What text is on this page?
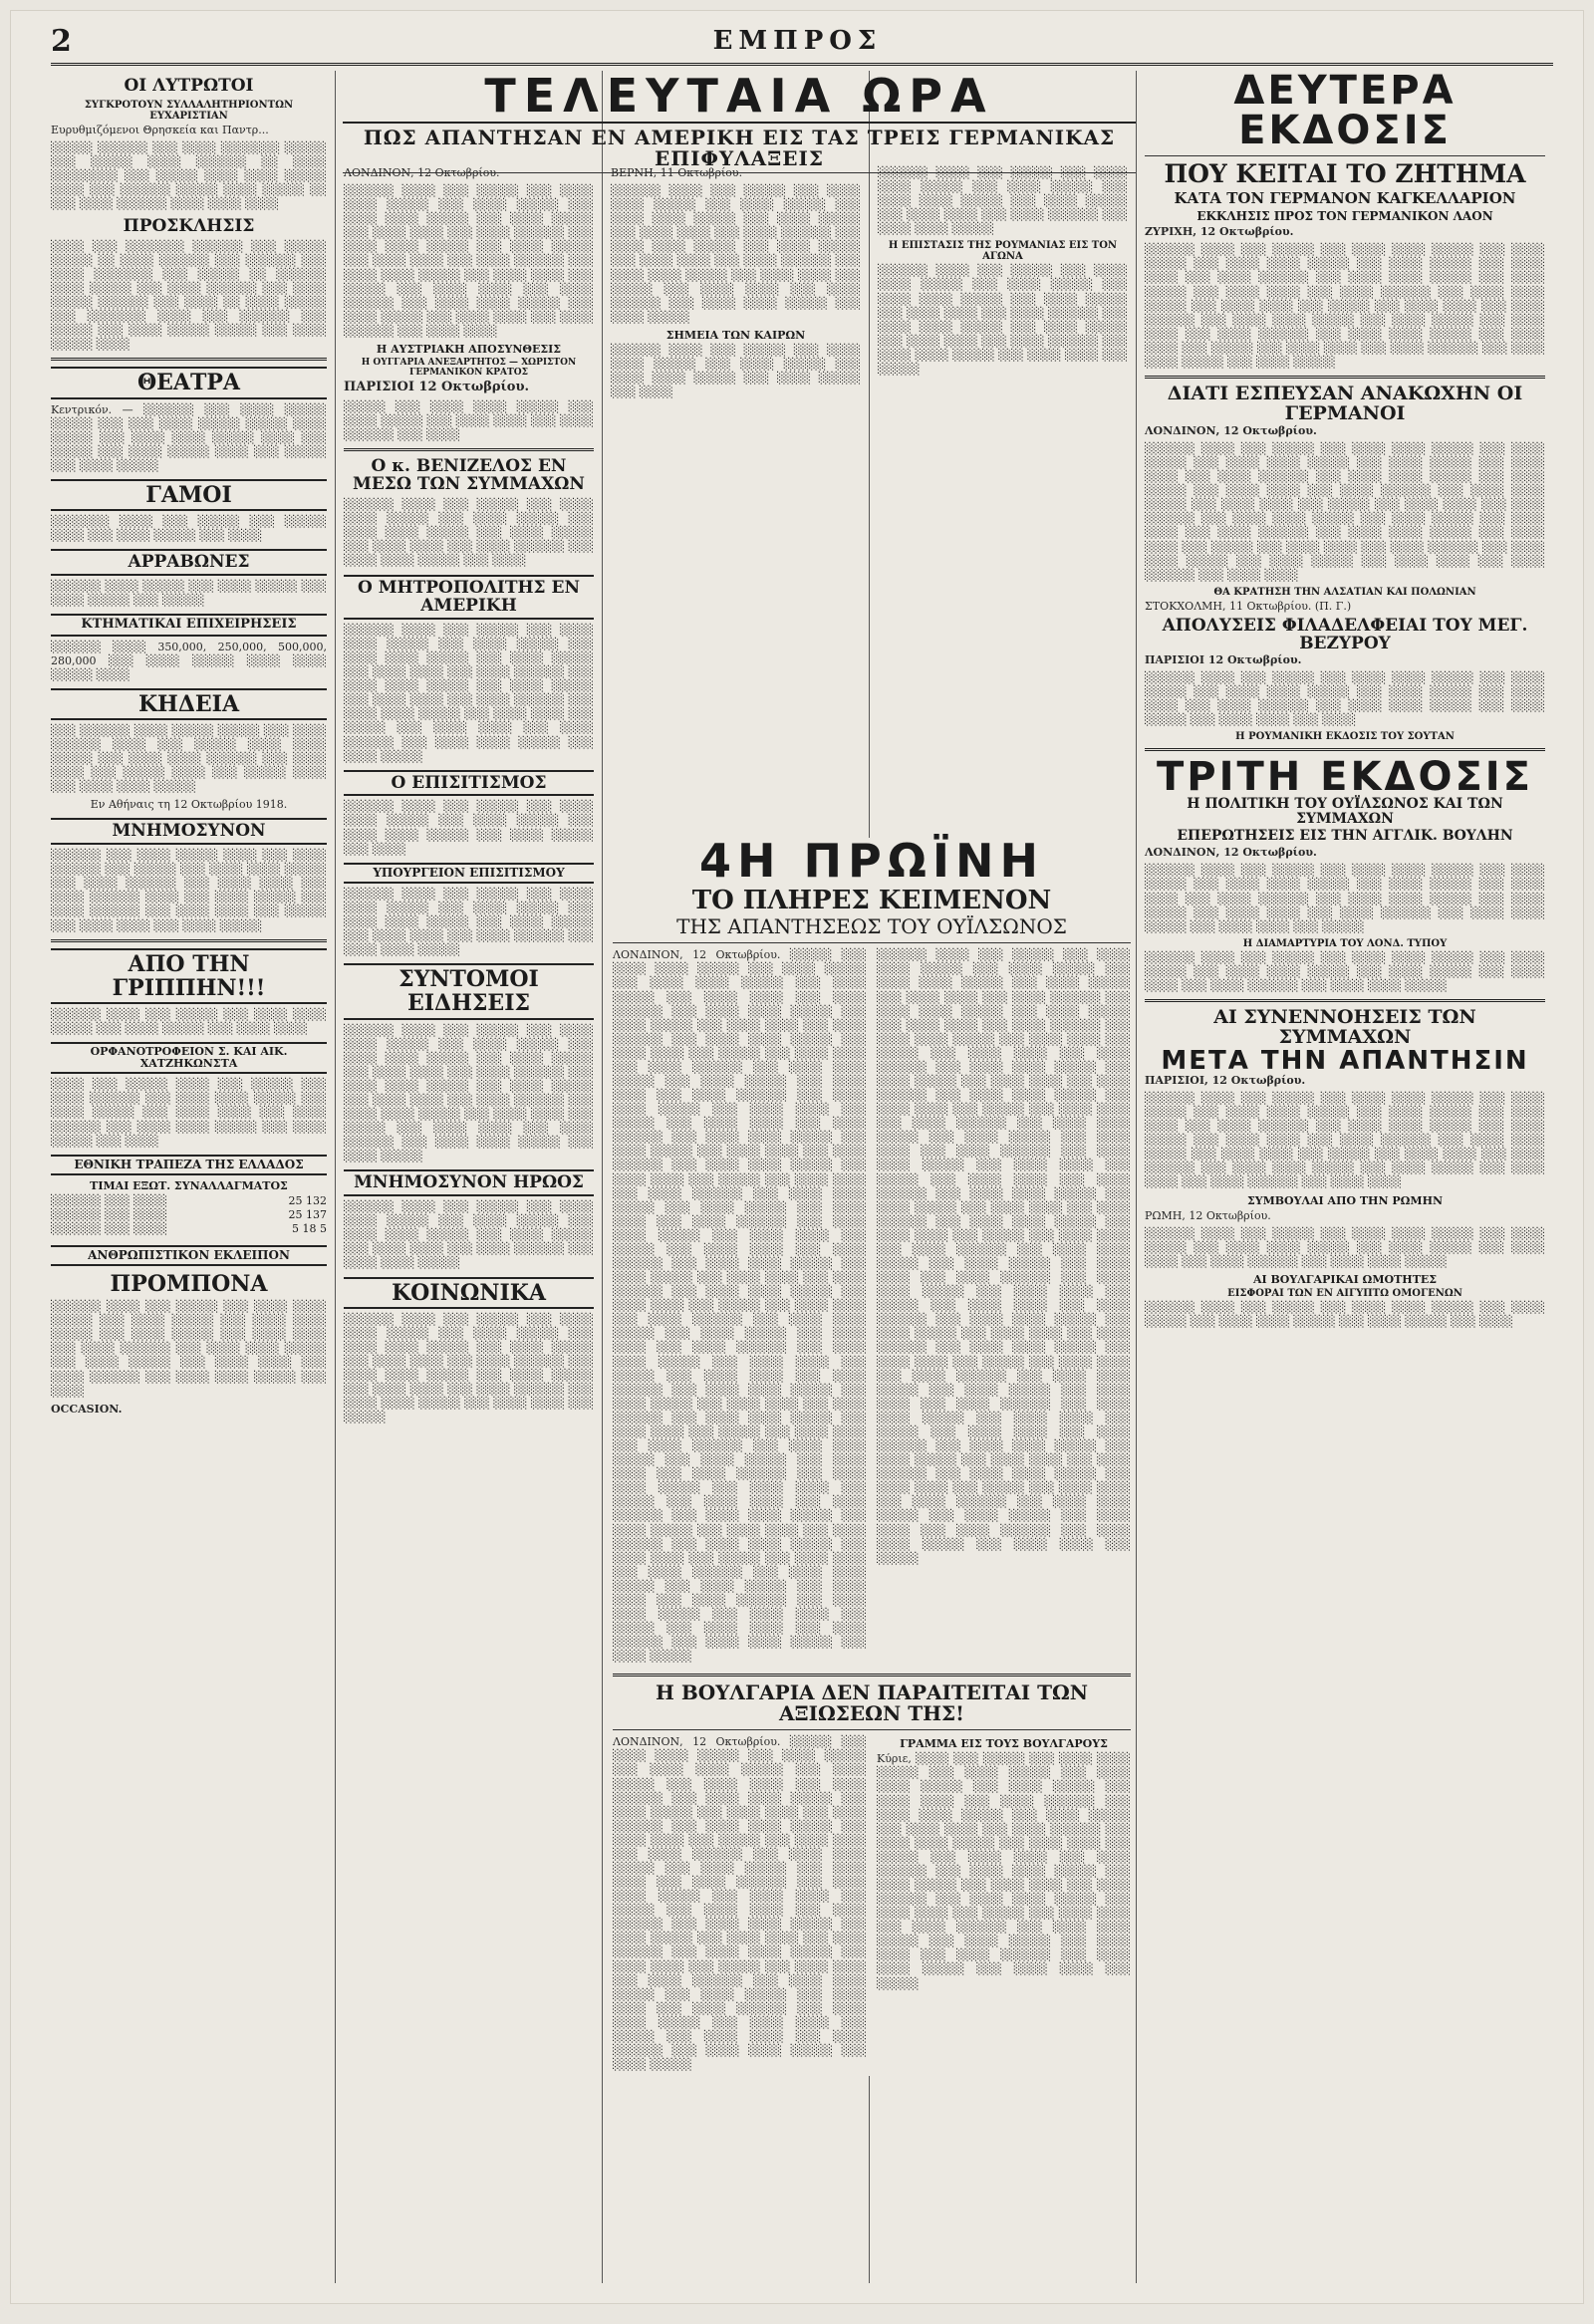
2	ΕΜΠΡΟΣ
ΟΙ ΛΥΤΡΩΤΟΙ
ΣΥΓΚΡΟΤΟΥΝ ΣΥΛΛΑΛΗΤΗΡΙΟΝΤΩΝ ΕΥΧΑΡΙΣΤΙΑΝ

Ευρυθμιζόμενοι Θρησκεία και Παντρ...

░░░░░ ░░░░░░ ░░░ ░░░░ ░░░░░░░ ░░░░░ ░░░ ░░░░░ ░░░░ ░░░░░░ ░░ ░░░░ ░░░░░░░░ ░░░ ░░░░░ ░░░░ ░░░░ ░░░░░ ░░░░ ░░░ ░░░░░░ ░░░░░ ░░░░ ░░░░░ ░░ ░░░ ░░░░ ░░░░░░ ░░░░ ░░░░ ░░░░

ΠΡΟΣΚΛΗΣΙΣ

░░░░ ░░░ ░░░░░░░ ░░░░░░ ░░░ ░░░░░ ░░░░░ ░░ ░░░░ ░░░░░░ ░░░ ░░░░░░ ░░░ ░░░░ ░░░░░░░ ░░░ ░░░░░ ░░ ░░░░░░ ░░░░ ░░░░░ ░░░ ░░░░ ░░░░░░ ░░░ ░░░░ ░░░░░ ░░░░░░ ░░░ ░░░░ ░░ ░░░░ ░░░░░ ░░░ ░░░░░░░ ░░░░ ░░░ ░░░░░░ ░░░ ░░░░░ ░░░ ░░░░ ░░░░░ ░░░░░ ░░░ ░░░░ ░░░░░ ░░░░

ΘΕΑΤΡΑ

Κεντρικόν. — ░░░░░░ ░░░ ░░░░ ░░░░░ ░░░░░ ░░░ ░░░ ░░░░ ░░░░░ ░░░░░ ░░░░ ░░░░░ ░░░ ░░░░ ░░░░ ░░░░░ ░░░░ ░░░ ░░░░░ ░░░ ░░░░ ░░░░░ ░░░░ ░░░ ░░░░░ ░░░ ░░░░ ░░░░░

ΓΑΜΟΙ

░░░░░░░ ░░░░ ░░░ ░░░░░ ░░░ ░░░░░ ░░░░ ░░░ ░░░░ ░░░░░ ░░░ ░░░░

ΑΡΡΑΒΩΝΕΣ

░░░░░░ ░░░░ ░░░░░ ░░░ ░░░░ ░░░░░ ░░░ ░░░░ ░░░░░ ░░░ ░░░░░

ΚΤΗΜΑΤΙΚΑΙ ΕΠΙΧΕΙΡΗΣΕΙΣ

░░░░░░ ░░░░ 350,000, 250,000, 500,000, 280,000 ░░░ ░░░░ ░░░░░ ░░░░ ░░░░ ░░░░░ ░░░░

ΚΗΔΕΙΑ

░░░ ░░░░░░ ░░░░ ░░░░░ ░░░░░ ░░░ ░░░░ ░░░░░░ ░░░░ ░░░ ░░░░░ ░░░░ ░░░░ ░░░░░ ░░░ ░░░░ ░░░░ ░░░░░░ ░░░ ░░░░ ░░░░ ░░░ ░░░░░ ░░░░ ░░░ ░░░░░ ░░░░ ░░░ ░░░░ ░░░░ ░░░░░

Εν Αθήναις τη 12 Οκτωβρίου 1918.

ΜΝΗΜΟΣΥΝΟΝ

░░░░░░ ░░░ ░░░░ ░░░░░ ░░░░ ░░░ ░░░░ ░░░░░░ ░░░ ░░░░░ ░░░ ░░░░ ░░░░ ░░░░░ ░░░ ░░░░ ░░░░░░ ░░░ ░░░░ ░░░░ ░░░ ░░░░ ░░░░░░ ░░░░ ░░░ ░░░░ ░░░░░ ░░░ ░░░░ ░░░░░░ ░░░ ░░░░ ░░░░ ░░░ ░░░░░ ░░░ ░░░░ ░░░░ ░░░ ░░░░ ░░░░░

ΑΠΟ ΤΗΝ ΓΡΙΠΠΗΝ!!!

░░░░░░ ░░░░ ░░░ ░░░░░ ░░░ ░░░░ ░░░░ ░░░░░ ░░░ ░░░░ ░░░░░ ░░░ ░░░░ ░░░░

ΟΡΦΑΝΟΤΡΟΦΕΙΟΝ Σ. ΚΑΙ ΑΙΚ. ΧΑΤΖΗΚΩΝΣΤΑ

░░░░ ░░░ ░░░░░ ░░░░ ░░░ ░░░░░ ░░░ ░░░░ ░░░░░░ ░░░ ░░░░ ░░░░ ░░░░░ ░░░ ░░░░ ░░░░░ ░░░ ░░░░ ░░░░ ░░░ ░░░░ ░░░░░░ ░░░ ░░░░ ░░░░ ░░░░░ ░░░ ░░░░ ░░░░░ ░░░ ░░░░

ΕΘΝΙΚΗ ΤΡΑΠΕΖΑ ΤΗΣ ΕΛΛΑΔΟΣ
ΤΙΜΑΙ ΕΞΩΤ. ΣΥΝΑΛΛΑΓΜΑΤΟΣ
░░░░░░ ░░░ ░░░░	25 132
░░░░░░ ░░░ ░░░░	25 137
░░░░░░ ░░░ ░░░░	5 18 5
ΑΝΘΡΩΠΙΣΤΙΚΟΝ ΕΚΛΕΙΠΟΝ
ΠΡΟΜΠΟΝΑ

░░░░░░ ░░░░ ░░░ ░░░░░ ░░░ ░░░░ ░░░░ ░░░░░ ░░░ ░░░░ ░░░░░ ░░░ ░░░░ ░░░░ ░░░░░ ░░░ ░░░░ ░░░░░ ░░░ ░░░░ ░░░░ ░░░ ░░░░ ░░░░░░ ░░░ ░░░░ ░░░░ ░░░░░ ░░░ ░░░░ ░░░░░ ░░░ ░░░░ ░░░░ ░░░ ░░░░ ░░░░░░ ░░░ ░░░░ ░░░░ ░░░░░ ░░░ ░░░░

OCCASION.

ΛΟΝΔΙΝΟΝ, 12 Οκτωβρίου.

░░░░░░ ░░░░ ░░░ ░░░░░ ░░░ ░░░░ ░░░░ ░░░░░ ░░░ ░░░░ ░░░░░ ░░░ ░░░░ ░░░░ ░░░░░ ░░░ ░░░░ ░░░░░ ░░░ ░░░░ ░░░░ ░░░ ░░░░ ░░░░░░ ░░░ ░░░░ ░░░░ ░░░░░ ░░░ ░░░░ ░░░░░ ░░░ ░░░░ ░░░░ ░░░ ░░░░ ░░░░░░ ░░░ ░░░░ ░░░░ ░░░░░ ░░░ ░░░░ ░░░░ ░░░ ░░░░░ ░░░ ░░░░ ░░░░ ░░░ ░░░░ ░░░░░░ ░░░ ░░░░ ░░░░ ░░░░░ ░░░ ░░░░ ░░░░░ ░░░ ░░░░ ░░░░ ░░░ ░░░░ ░░░░░░ ░░░ ░░░░ ░░░░

Η ΑΥΣΤΡΙΑΚΗ ΑΠΟΣΥΝΘΕΣΙΣ
Η ΟΥΓΓΑΡΙΑ ΑΝΕΞΑΡΤΗΤΟΣ — ΧΩΡΙΣΤΟΝ ΓΕΡΜΑΝΙΚΟΝ ΚΡΑΤΟΣ

ΠΑΡΙΣΙΟΙ 12 Οκτωβρίου.

░░░░░ ░░░ ░░░░ ░░░░ ░░░░░ ░░░ ░░░░ ░░░░░ ░░░ ░░░░ ░░░░ ░░░ ░░░░ ░░░░░░ ░░░ ░░░░

Ο κ. ΒΕΝΙΖΕΛΟΣ ΕΝ ΜΕΣΩ ΤΩΝ ΣΥΜΜΑΧΩΝ

░░░░░░ ░░░░ ░░░ ░░░░░ ░░░ ░░░░ ░░░░ ░░░░░ ░░░ ░░░░ ░░░░░ ░░░ ░░░░ ░░░░ ░░░░░ ░░░ ░░░░ ░░░░░ ░░░ ░░░░ ░░░░ ░░░ ░░░░ ░░░░░░ ░░░ ░░░░ ░░░░ ░░░░░ ░░░ ░░░░

Ο ΜΗΤΡΟΠΟΛΙΤΗΣ ΕΝ ΑΜΕΡΙΚΗ

░░░░░░ ░░░░ ░░░ ░░░░░ ░░░ ░░░░ ░░░░ ░░░░░ ░░░ ░░░░ ░░░░░ ░░░ ░░░░ ░░░░ ░░░░░ ░░░ ░░░░ ░░░░░ ░░░ ░░░░ ░░░░ ░░░ ░░░░ ░░░░░░ ░░░ ░░░░ ░░░░ ░░░░░ ░░░ ░░░░ ░░░░░ ░░░ ░░░░ ░░░░ ░░░ ░░░░ ░░░░░░ ░░░ ░░░░ ░░░░ ░░░░░ ░░░ ░░░░ ░░░░ ░░░ ░░░░░ ░░░ ░░░░ ░░░░ ░░░ ░░░░ ░░░░░░ ░░░ ░░░░ ░░░░ ░░░░░ ░░░ ░░░░ ░░░░░

Ο ΕΠΙΣΙΤΙΣΜΟΣ

░░░░░░ ░░░░ ░░░ ░░░░░ ░░░ ░░░░ ░░░░ ░░░░░ ░░░ ░░░░ ░░░░░ ░░░ ░░░░ ░░░░ ░░░░░ ░░░ ░░░░ ░░░░░ ░░░ ░░░░

ΥΠΟΥΡΓΕΙΟΝ ΕΠΙΣΙΤΙΣΜΟΥ

░░░░░░ ░░░░ ░░░ ░░░░░ ░░░ ░░░░ ░░░░ ░░░░░ ░░░ ░░░░ ░░░░░ ░░░ ░░░░ ░░░░ ░░░░░ ░░░ ░░░░ ░░░░░ ░░░ ░░░░ ░░░░ ░░░ ░░░░ ░░░░░░ ░░░ ░░░░ ░░░░ ░░░░░

ΣΥΝΤΟΜΟΙ ΕΙΔΗΣΕΙΣ

░░░░░░ ░░░░ ░░░ ░░░░░ ░░░ ░░░░ ░░░░ ░░░░░ ░░░ ░░░░ ░░░░░ ░░░ ░░░░ ░░░░ ░░░░░ ░░░ ░░░░ ░░░░░ ░░░ ░░░░ ░░░░ ░░░ ░░░░ ░░░░░░ ░░░ ░░░░ ░░░░ ░░░░░ ░░░ ░░░░ ░░░░░ ░░░ ░░░░ ░░░░ ░░░ ░░░░ ░░░░░░ ░░░ ░░░░ ░░░░ ░░░░░ ░░░ ░░░░ ░░░░ ░░░ ░░░░░ ░░░ ░░░░ ░░░░ ░░░ ░░░░ ░░░░░░ ░░░ ░░░░ ░░░░ ░░░░░ ░░░ ░░░░ ░░░░░

ΜΝΗΜΟΣΥΝΟΝ ΗΡΩΟΣ

░░░░░░ ░░░░ ░░░ ░░░░░ ░░░ ░░░░ ░░░░ ░░░░░ ░░░ ░░░░ ░░░░░ ░░░ ░░░░ ░░░░ ░░░░░ ░░░ ░░░░ ░░░░░ ░░░ ░░░░ ░░░░ ░░░ ░░░░ ░░░░░░ ░░░ ░░░░ ░░░░ ░░░░░

ΚΟΙΝΩΝΙΚΑ

░░░░░░ ░░░░ ░░░ ░░░░░ ░░░ ░░░░ ░░░░ ░░░░░ ░░░ ░░░░ ░░░░░ ░░░ ░░░░ ░░░░ ░░░░░ ░░░ ░░░░ ░░░░░ ░░░ ░░░░ ░░░░ ░░░ ░░░░ ░░░░░░ ░░░ ░░░░ ░░░░ ░░░░░ ░░░ ░░░░ ░░░░░ ░░░ ░░░░ ░░░░ ░░░ ░░░░ ░░░░░░ ░░░ ░░░░ ░░░░ ░░░░░ ░░░ ░░░░ ░░░░ ░░░ ░░░░░

ΒΕΡΝΗ, 11 Οκτωβρίου.

░░░░░░ ░░░░ ░░░ ░░░░░ ░░░ ░░░░ ░░░░ ░░░░░ ░░░ ░░░░ ░░░░░ ░░░ ░░░░ ░░░░ ░░░░░ ░░░ ░░░░ ░░░░░ ░░░ ░░░░ ░░░░ ░░░ ░░░░ ░░░░░░ ░░░ ░░░░ ░░░░ ░░░░░ ░░░ ░░░░ ░░░░░ ░░░ ░░░░ ░░░░ ░░░ ░░░░ ░░░░░░ ░░░ ░░░░ ░░░░ ░░░░░ ░░░ ░░░░ ░░░░ ░░░ ░░░░░ ░░░ ░░░░ ░░░░ ░░░ ░░░░ ░░░░░░ ░░░ ░░░░ ░░░░ ░░░░░ ░░░ ░░░░ ░░░░░

ΣΗΜΕΙΑ ΤΩΝ ΚΑΙΡΩΝ

░░░░░░ ░░░░ ░░░ ░░░░░ ░░░ ░░░░ ░░░░ ░░░░░ ░░░ ░░░░ ░░░░░ ░░░ ░░░░ ░░░░ ░░░░░ ░░░ ░░░░ ░░░░░ ░░░ ░░░░

░░░░░░ ░░░░ ░░░ ░░░░░ ░░░ ░░░░ ░░░░ ░░░░░ ░░░ ░░░░ ░░░░░ ░░░ ░░░░ ░░░░ ░░░░░ ░░░ ░░░░ ░░░░░ ░░░ ░░░░ ░░░░ ░░░ ░░░░ ░░░░░░ ░░░ ░░░░ ░░░░ ░░░░░

Η ΕΠΙΣΤΑΣΙΣ ΤΗΣ ΡΟΥΜΑΝΙΑΣ ΕΙΣ ΤΟΝ ΑΓΩΝΑ

░░░░░░ ░░░░ ░░░ ░░░░░ ░░░ ░░░░ ░░░░ ░░░░░ ░░░ ░░░░ ░░░░░ ░░░ ░░░░ ░░░░ ░░░░░ ░░░ ░░░░ ░░░░░ ░░░ ░░░░ ░░░░ ░░░ ░░░░ ░░░░░░ ░░░ ░░░░ ░░░░ ░░░░░ ░░░ ░░░░ ░░░░░ ░░░ ░░░░ ░░░░ ░░░ ░░░░ ░░░░░░ ░░░ ░░░░ ░░░░ ░░░░░ ░░░ ░░░░ ░░░░ ░░░ ░░░░░

ΔΕΥΤΕΡΑ ΕΚΔΟΣΙΣ
ΠΟΥ ΚΕΙΤΑΙ ΤΟ ΖΗΤΗΜΑ
ΚΑΤΑ ΤΟΝ ΓΕΡΜΑΝΟΝ ΚΑΓΚΕΛΛΑΡΙΟΝ
ΕΚΚΛΗΣΙΣ ΠΡΟΣ ΤΟΝ ΓΕΡΜΑΝΙΚΟΝ ΛΑΟΝ

ΖΥΡΙΧΗ, 12 Οκτωβρίου.

░░░░░░ ░░░░ ░░░ ░░░░░ ░░░ ░░░░ ░░░░ ░░░░░ ░░░ ░░░░ ░░░░░ ░░░ ░░░░ ░░░░ ░░░░░ ░░░ ░░░░ ░░░░░ ░░░ ░░░░ ░░░░ ░░░ ░░░░ ░░░░░░ ░░░ ░░░░ ░░░░ ░░░░░ ░░░ ░░░░ ░░░░░ ░░░ ░░░░ ░░░░ ░░░ ░░░░ ░░░░░░ ░░░ ░░░░ ░░░░ ░░░░░ ░░░ ░░░░ ░░░░ ░░░ ░░░░░ ░░░ ░░░░ ░░░░ ░░░ ░░░░ ░░░░░░ ░░░ ░░░░ ░░░░ ░░░░░ ░░░ ░░░░ ░░░░░ ░░░ ░░░░ ░░░░ ░░░ ░░░░ ░░░░░░ ░░░ ░░░░ ░░░░ ░░░░░ ░░░ ░░░░ ░░░░ ░░░ ░░░░░ ░░░ ░░░░ ░░░░ ░░░ ░░░░ ░░░░░░ ░░░ ░░░░ ░░░░ ░░░░░ ░░░ ░░░░ ░░░░░

ΔΙΑΤΙ ΕΣΠΕΥΣΑΝ ΑΝΑΚΩΧΗΝ ΟΙ ΓΕΡΜΑΝΟΙ

ΛΟΝΔΙΝΟΝ, 12 Οκτωβρίου.

░░░░░░ ░░░░ ░░░ ░░░░░ ░░░ ░░░░ ░░░░ ░░░░░ ░░░ ░░░░ ░░░░░ ░░░ ░░░░ ░░░░ ░░░░░ ░░░ ░░░░ ░░░░░ ░░░ ░░░░ ░░░░ ░░░ ░░░░ ░░░░░░ ░░░ ░░░░ ░░░░ ░░░░░ ░░░ ░░░░ ░░░░░ ░░░ ░░░░ ░░░░ ░░░ ░░░░ ░░░░░░ ░░░ ░░░░ ░░░░ ░░░░░ ░░░ ░░░░ ░░░░ ░░░ ░░░░░ ░░░ ░░░░ ░░░░ ░░░ ░░░░ ░░░░░░ ░░░ ░░░░ ░░░░ ░░░░░ ░░░ ░░░░ ░░░░░ ░░░ ░░░░ ░░░░ ░░░ ░░░░ ░░░░░░ ░░░ ░░░░ ░░░░ ░░░░░ ░░░ ░░░░ ░░░░ ░░░ ░░░░░ ░░░ ░░░░ ░░░░ ░░░ ░░░░ ░░░░░░ ░░░ ░░░░ ░░░░ ░░░░░ ░░░ ░░░░ ░░░░░ ░░░ ░░░░ ░░░░ ░░░ ░░░░ ░░░░░░ ░░░ ░░░░ ░░░░

ΘΑ ΚΡΑΤΗΣΗ ΤΗΝ ΑΛΣΑΤΙΑΝ ΚΑΙ ΠΟΛΩΝΙΑΝ

ΣΤΟΚΧΟΛΜΗ, 11 Οκτωβρίου. (Π. Γ.)

ΑΠΟΛΥΣΕΙΣ ΦΙΛΑΔΕΛΦΕΙΑΙ ΤΟΥ ΜΕΓ. ΒΕΖΥΡΟΥ

ΠΑΡΙΣΙΟΙ 12 Οκτωβρίου.

░░░░░░ ░░░░ ░░░ ░░░░░ ░░░ ░░░░ ░░░░ ░░░░░ ░░░ ░░░░ ░░░░░ ░░░ ░░░░ ░░░░ ░░░░░ ░░░ ░░░░ ░░░░░ ░░░ ░░░░ ░░░░ ░░░ ░░░░ ░░░░░░ ░░░ ░░░░ ░░░░ ░░░░░ ░░░ ░░░░ ░░░░░ ░░░ ░░░░ ░░░░ ░░░ ░░░░

Η ΡΟΥΜΑΝΙΚΗ ΕΚΔΟΣΙΣ ΤΟΥ ΣΟΥΤΑΝ
ΤΡΙΤΗ ΕΚΔΟΣΙΣ
Η ΠΟΛΙΤΙΚΗ ΤΟΥ ΟΥΪΛΣΩΝΟΣ ΚΑΙ ΤΩΝ ΣΥΜΜΑΧΩΝ
ΕΠΕΡΩΤΗΣΕΙΣ ΕΙΣ ΤΗΝ ΑΓΓΛΙΚ. ΒΟΥΛΗΝ

ΛΟΝΔΙΝΟΝ, 12 Οκτωβρίου.

░░░░░░ ░░░░ ░░░ ░░░░░ ░░░ ░░░░ ░░░░ ░░░░░ ░░░ ░░░░ ░░░░░ ░░░ ░░░░ ░░░░ ░░░░░ ░░░ ░░░░ ░░░░░ ░░░ ░░░░ ░░░░ ░░░ ░░░░ ░░░░░░ ░░░ ░░░░ ░░░░ ░░░░░ ░░░ ░░░░ ░░░░░ ░░░ ░░░░ ░░░░ ░░░ ░░░░ ░░░░░░ ░░░ ░░░░ ░░░░ ░░░░░ ░░░ ░░░░ ░░░░ ░░░ ░░░░░

Η ΔΙΑΜΑΡΤΥΡΙΑ ΤΟΥ ΛΟΝΔ. ΤΥΠΟΥ

░░░░░░ ░░░░ ░░░ ░░░░░ ░░░ ░░░░ ░░░░ ░░░░░ ░░░ ░░░░ ░░░░░ ░░░ ░░░░ ░░░░ ░░░░░ ░░░ ░░░░ ░░░░░ ░░░ ░░░░ ░░░░ ░░░ ░░░░ ░░░░░░ ░░░ ░░░░ ░░░░ ░░░░░

ΑΙ ΣΥΝΕΝΝΟΗΣΕΙΣ ΤΩΝ ΣΥΜΜΑΧΩΝ
ΜΕΤΑ ΤΗΝ ΑΠΑΝΤΗΣΙΝ

ΠΑΡΙΣΙΟΙ, 12 Οκτωβρίου.

░░░░░░ ░░░░ ░░░ ░░░░░ ░░░ ░░░░ ░░░░ ░░░░░ ░░░ ░░░░ ░░░░░ ░░░ ░░░░ ░░░░ ░░░░░ ░░░ ░░░░ ░░░░░ ░░░ ░░░░ ░░░░ ░░░ ░░░░ ░░░░░░ ░░░ ░░░░ ░░░░ ░░░░░ ░░░ ░░░░ ░░░░░ ░░░ ░░░░ ░░░░ ░░░ ░░░░ ░░░░░░ ░░░ ░░░░ ░░░░ ░░░░░ ░░░ ░░░░ ░░░░ ░░░ ░░░░░ ░░░ ░░░░ ░░░░ ░░░ ░░░░ ░░░░░░ ░░░ ░░░░ ░░░░ ░░░░░ ░░░ ░░░░ ░░░░░ ░░░ ░░░░ ░░░░ ░░░ ░░░░ ░░░░░░ ░░░ ░░░░ ░░░░

ΣΥΜΒΟΥΛΑΙ ΑΠΟ ΤΗΝ ΡΩΜΗΝ

ΡΩΜΗ, 12 Οκτωβρίου.

░░░░░░ ░░░░ ░░░ ░░░░░ ░░░ ░░░░ ░░░░ ░░░░░ ░░░ ░░░░ ░░░░░ ░░░ ░░░░ ░░░░ ░░░░░ ░░░ ░░░░ ░░░░░ ░░░ ░░░░ ░░░░ ░░░ ░░░░ ░░░░░░ ░░░ ░░░░ ░░░░ ░░░░░

ΑΙ ΒΟΥΛΓΑΡΙΚΑΙ ΩΜΟΤΗΤΕΣ
ΕΙΣΦΟΡΑΙ ΤΩΝ ΕΝ ΑΙΓΥΠΤΩ ΟΜΟΓΕΝΩΝ

░░░░░░ ░░░░ ░░░ ░░░░░ ░░░ ░░░░ ░░░░ ░░░░░ ░░░ ░░░░ ░░░░░ ░░░ ░░░░ ░░░░ ░░░░░ ░░░ ░░░░ ░░░░░ ░░░ ░░░░

ΤΕΛΕΥΤΑΙΑ ΩΡΑ
ΠΩΣ ΑΠΑΝΤΗΣΑΝ ΕΝ ΑΜΕΡΙΚΗ ΕΙΣ ΤΑΣ ΤΡΕΙΣ ΓΕΡΜΑΝΙΚΑΣ ΕΠΙΦΥΛΑΞΕΙΣ
4Η ΠΡΩΪΝΗ
ΤΟ ΠΛΗΡΕΣ ΚΕΙΜΕΝΟΝ
ΤΗΣ ΑΠΑΝΤΗΣΕΩΣ ΤΟΥ ΟΥΪΛΣΩΝΟΣ

ΛΟΝΔΙΝΟΝ, 12 Οκτωβρίου. ░░░░░ ░░░ ░░░░ ░░░░ ░░░░░ ░░░ ░░░░ ░░░░░ ░░░ ░░░░ ░░░░ ░░░░░ ░░░ ░░░░ ░░░░░ ░░░ ░░░░ ░░░░ ░░░ ░░░░ ░░░░░░ ░░░ ░░░░ ░░░░ ░░░░░ ░░░ ░░░░ ░░░░░ ░░░ ░░░░ ░░░░ ░░░ ░░░░ ░░░░░░ ░░░ ░░░░ ░░░░ ░░░░░ ░░░ ░░░░ ░░░░ ░░░ ░░░░░ ░░░ ░░░░ ░░░░ ░░░ ░░░░ ░░░░░░ ░░░ ░░░░ ░░░░ ░░░░░ ░░░ ░░░░ ░░░░░ ░░░ ░░░░ ░░░░ ░░░ ░░░░ ░░░░░░ ░░░ ░░░░ ░░░░ ░░░░░ ░░░ ░░░░ ░░░░ ░░░ ░░░░░ ░░░ ░░░░ ░░░░ ░░░ ░░░░ ░░░░░░ ░░░ ░░░░ ░░░░ ░░░░░ ░░░ ░░░░ ░░░░░ ░░░ ░░░░ ░░░░ ░░░ ░░░░ ░░░░░░ ░░░ ░░░░ ░░░░ ░░░░░ ░░░ ░░░░ ░░░░ ░░░ ░░░░░ ░░░ ░░░░ ░░░░ ░░░ ░░░░ ░░░░░░ ░░░ ░░░░ ░░░░ ░░░░░ ░░░ ░░░░ ░░░░░ ░░░ ░░░░ ░░░░ ░░░ ░░░░ ░░░░░░ ░░░ ░░░░ ░░░░ ░░░░░ ░░░ ░░░░ ░░░░ ░░░ ░░░░░ ░░░ ░░░░ ░░░░ ░░░ ░░░░ ░░░░░░ ░░░ ░░░░ ░░░░ ░░░░░ ░░░ ░░░░ ░░░░░ ░░░ ░░░░ ░░░░ ░░░ ░░░░ ░░░░░░ ░░░ ░░░░ ░░░░ ░░░░░ ░░░ ░░░░ ░░░░ ░░░ ░░░░░ ░░░ ░░░░ ░░░░ ░░░ ░░░░ ░░░░░░ ░░░ ░░░░ ░░░░ ░░░░░ ░░░ ░░░░ ░░░░░ ░░░ ░░░░ ░░░░ ░░░ ░░░░ ░░░░░░ ░░░ ░░░░ ░░░░ ░░░░░ ░░░ ░░░░ ░░░░ ░░░ ░░░░░ ░░░ ░░░░ ░░░░ ░░░ ░░░░ ░░░░░░ ░░░ ░░░░ ░░░░ ░░░░░ ░░░ ░░░░ ░░░░░ ░░░ ░░░░ ░░░░ ░░░ ░░░░ ░░░░░░ ░░░ ░░░░ ░░░░ ░░░░░ ░░░ ░░░░ ░░░░ ░░░ ░░░░░ ░░░ ░░░░ ░░░░ ░░░ ░░░░ ░░░░░░ ░░░ ░░░░ ░░░░ ░░░░░ ░░░ ░░░░ ░░░░░ ░░░ ░░░░ ░░░░ ░░░ ░░░░ ░░░░░░ ░░░ ░░░░ ░░░░ ░░░░░ ░░░ ░░░░ ░░░░ ░░░ ░░░░░ ░░░ ░░░░ ░░░░ ░░░ ░░░░ ░░░░░░ ░░░ ░░░░ ░░░░ ░░░░░ ░░░ ░░░░ ░░░░░ ░░░ ░░░░ ░░░░ ░░░ ░░░░ ░░░░░░ ░░░ ░░░░ ░░░░ ░░░░░ ░░░ ░░░░ ░░░░ ░░░ ░░░░░ ░░░ ░░░░ ░░░░ ░░░ ░░░░ ░░░░░░ ░░░ ░░░░ ░░░░ ░░░░░ ░░░ ░░░░ ░░░░░ ░░░ ░░░░ ░░░░ ░░░ ░░░░ ░░░░░░ ░░░ ░░░░ ░░░░ ░░░░░ ░░░ ░░░░ ░░░░ ░░░ ░░░░░ ░░░ ░░░░ ░░░░ ░░░ ░░░░ ░░░░░░ ░░░ ░░░░ ░░░░ ░░░░░ ░░░ ░░░░ ░░░░░

░░░░░░ ░░░░ ░░░ ░░░░░ ░░░ ░░░░ ░░░░ ░░░░░ ░░░ ░░░░ ░░░░░ ░░░ ░░░░ ░░░░ ░░░░░ ░░░ ░░░░ ░░░░░ ░░░ ░░░░ ░░░░ ░░░ ░░░░ ░░░░░░ ░░░ ░░░░ ░░░░ ░░░░░ ░░░ ░░░░ ░░░░░ ░░░ ░░░░ ░░░░ ░░░ ░░░░ ░░░░░░ ░░░ ░░░░ ░░░░ ░░░░░ ░░░ ░░░░ ░░░░ ░░░ ░░░░░ ░░░ ░░░░ ░░░░ ░░░ ░░░░ ░░░░░░ ░░░ ░░░░ ░░░░ ░░░░░ ░░░ ░░░░ ░░░░░ ░░░ ░░░░ ░░░░ ░░░ ░░░░ ░░░░░░ ░░░ ░░░░ ░░░░ ░░░░░ ░░░ ░░░░ ░░░░ ░░░ ░░░░░ ░░░ ░░░░ ░░░░ ░░░ ░░░░ ░░░░░░ ░░░ ░░░░ ░░░░ ░░░░░ ░░░ ░░░░ ░░░░░ ░░░ ░░░░ ░░░░ ░░░ ░░░░ ░░░░░░ ░░░ ░░░░ ░░░░ ░░░░░ ░░░ ░░░░ ░░░░ ░░░ ░░░░░ ░░░ ░░░░ ░░░░ ░░░ ░░░░ ░░░░░░ ░░░ ░░░░ ░░░░ ░░░░░ ░░░ ░░░░ ░░░░░ ░░░ ░░░░ ░░░░ ░░░ ░░░░ ░░░░░░ ░░░ ░░░░ ░░░░ ░░░░░ ░░░ ░░░░ ░░░░ ░░░ ░░░░░ ░░░ ░░░░ ░░░░ ░░░ ░░░░ ░░░░░░ ░░░ ░░░░ ░░░░ ░░░░░ ░░░ ░░░░ ░░░░░ ░░░ ░░░░ ░░░░ ░░░ ░░░░ ░░░░░░ ░░░ ░░░░ ░░░░ ░░░░░ ░░░ ░░░░ ░░░░ ░░░ ░░░░░ ░░░ ░░░░ ░░░░ ░░░ ░░░░ ░░░░░░ ░░░ ░░░░ ░░░░ ░░░░░ ░░░ ░░░░ ░░░░░ ░░░ ░░░░ ░░░░ ░░░ ░░░░ ░░░░░░ ░░░ ░░░░ ░░░░ ░░░░░ ░░░ ░░░░ ░░░░ ░░░ ░░░░░ ░░░ ░░░░ ░░░░ ░░░ ░░░░ ░░░░░░ ░░░ ░░░░ ░░░░ ░░░░░ ░░░ ░░░░ ░░░░░ ░░░ ░░░░ ░░░░ ░░░ ░░░░ ░░░░░░ ░░░ ░░░░ ░░░░ ░░░░░ ░░░ ░░░░ ░░░░ ░░░ ░░░░░ ░░░ ░░░░ ░░░░ ░░░ ░░░░ ░░░░░░ ░░░ ░░░░ ░░░░ ░░░░░ ░░░ ░░░░ ░░░░░ ░░░ ░░░░ ░░░░ ░░░ ░░░░ ░░░░░░ ░░░ ░░░░ ░░░░ ░░░░░ ░░░ ░░░░ ░░░░ ░░░ ░░░░░ ░░░ ░░░░ ░░░░ ░░░ ░░░░ ░░░░░░ ░░░ ░░░░ ░░░░ ░░░░░ ░░░ ░░░░ ░░░░░ ░░░ ░░░░ ░░░░ ░░░ ░░░░ ░░░░░░ ░░░ ░░░░ ░░░░ ░░░░░ ░░░ ░░░░ ░░░░ ░░░ ░░░░░

Η ΒΟΥΛΓΑΡΙΑ ΔΕΝ ΠΑΡΑΙΤΕΙΤΑΙ ΤΩΝ ΑΞΙΩΣΕΩΝ ΤΗΣ!

ΛΟΝΔΙΝΟΝ, 12 Οκτωβρίου. ░░░░░ ░░░ ░░░░ ░░░░ ░░░░░ ░░░ ░░░░ ░░░░░ ░░░ ░░░░ ░░░░ ░░░░░ ░░░ ░░░░ ░░░░░ ░░░ ░░░░ ░░░░ ░░░ ░░░░ ░░░░░░ ░░░ ░░░░ ░░░░ ░░░░░ ░░░ ░░░░ ░░░░░ ░░░ ░░░░ ░░░░ ░░░ ░░░░ ░░░░░░ ░░░ ░░░░ ░░░░ ░░░░░ ░░░ ░░░░ ░░░░ ░░░ ░░░░░ ░░░ ░░░░ ░░░░ ░░░ ░░░░ ░░░░░░ ░░░ ░░░░ ░░░░ ░░░░░ ░░░ ░░░░ ░░░░░ ░░░ ░░░░ ░░░░ ░░░ ░░░░ ░░░░░░ ░░░ ░░░░ ░░░░ ░░░░░ ░░░ ░░░░ ░░░░ ░░░ ░░░░░ ░░░ ░░░░ ░░░░ ░░░ ░░░░ ░░░░░░ ░░░ ░░░░ ░░░░ ░░░░░ ░░░ ░░░░ ░░░░░ ░░░ ░░░░ ░░░░ ░░░ ░░░░ ░░░░░░ ░░░ ░░░░ ░░░░ ░░░░░ ░░░ ░░░░ ░░░░ ░░░ ░░░░░ ░░░ ░░░░ ░░░░ ░░░ ░░░░ ░░░░░░ ░░░ ░░░░ ░░░░ ░░░░░ ░░░ ░░░░ ░░░░░ ░░░ ░░░░ ░░░░ ░░░ ░░░░ ░░░░░░ ░░░ ░░░░ ░░░░ ░░░░░ ░░░ ░░░░ ░░░░ ░░░ ░░░░░ ░░░ ░░░░ ░░░░ ░░░ ░░░░ ░░░░░░ ░░░ ░░░░ ░░░░ ░░░░░ ░░░ ░░░░ ░░░░░

ΓΡΑΜΜΑ ΕΙΣ ΤΟΥΣ ΒΟΥΛΓΑΡΟΥΣ

Κύριε, ░░░░ ░░░ ░░░░░ ░░░ ░░░░ ░░░░ ░░░░░ ░░░ ░░░░ ░░░░░ ░░░ ░░░░ ░░░░ ░░░░░ ░░░ ░░░░ ░░░░░ ░░░ ░░░░ ░░░░ ░░░ ░░░░ ░░░░░░ ░░░ ░░░░ ░░░░ ░░░░░ ░░░ ░░░░ ░░░░░ ░░░ ░░░░ ░░░░ ░░░ ░░░░ ░░░░░░ ░░░ ░░░░ ░░░░ ░░░░░ ░░░ ░░░░ ░░░░ ░░░ ░░░░░ ░░░ ░░░░ ░░░░ ░░░ ░░░░ ░░░░░░ ░░░ ░░░░ ░░░░ ░░░░░ ░░░ ░░░░ ░░░░░ ░░░ ░░░░ ░░░░ ░░░ ░░░░ ░░░░░░ ░░░ ░░░░ ░░░░ ░░░░░ ░░░ ░░░░ ░░░░ ░░░ ░░░░░ ░░░ ░░░░ ░░░░ ░░░ ░░░░ ░░░░░░ ░░░ ░░░░ ░░░░ ░░░░░ ░░░ ░░░░ ░░░░░ ░░░ ░░░░ ░░░░ ░░░ ░░░░ ░░░░░░ ░░░ ░░░░ ░░░░ ░░░░░ ░░░ ░░░░ ░░░░ ░░░ ░░░░░
